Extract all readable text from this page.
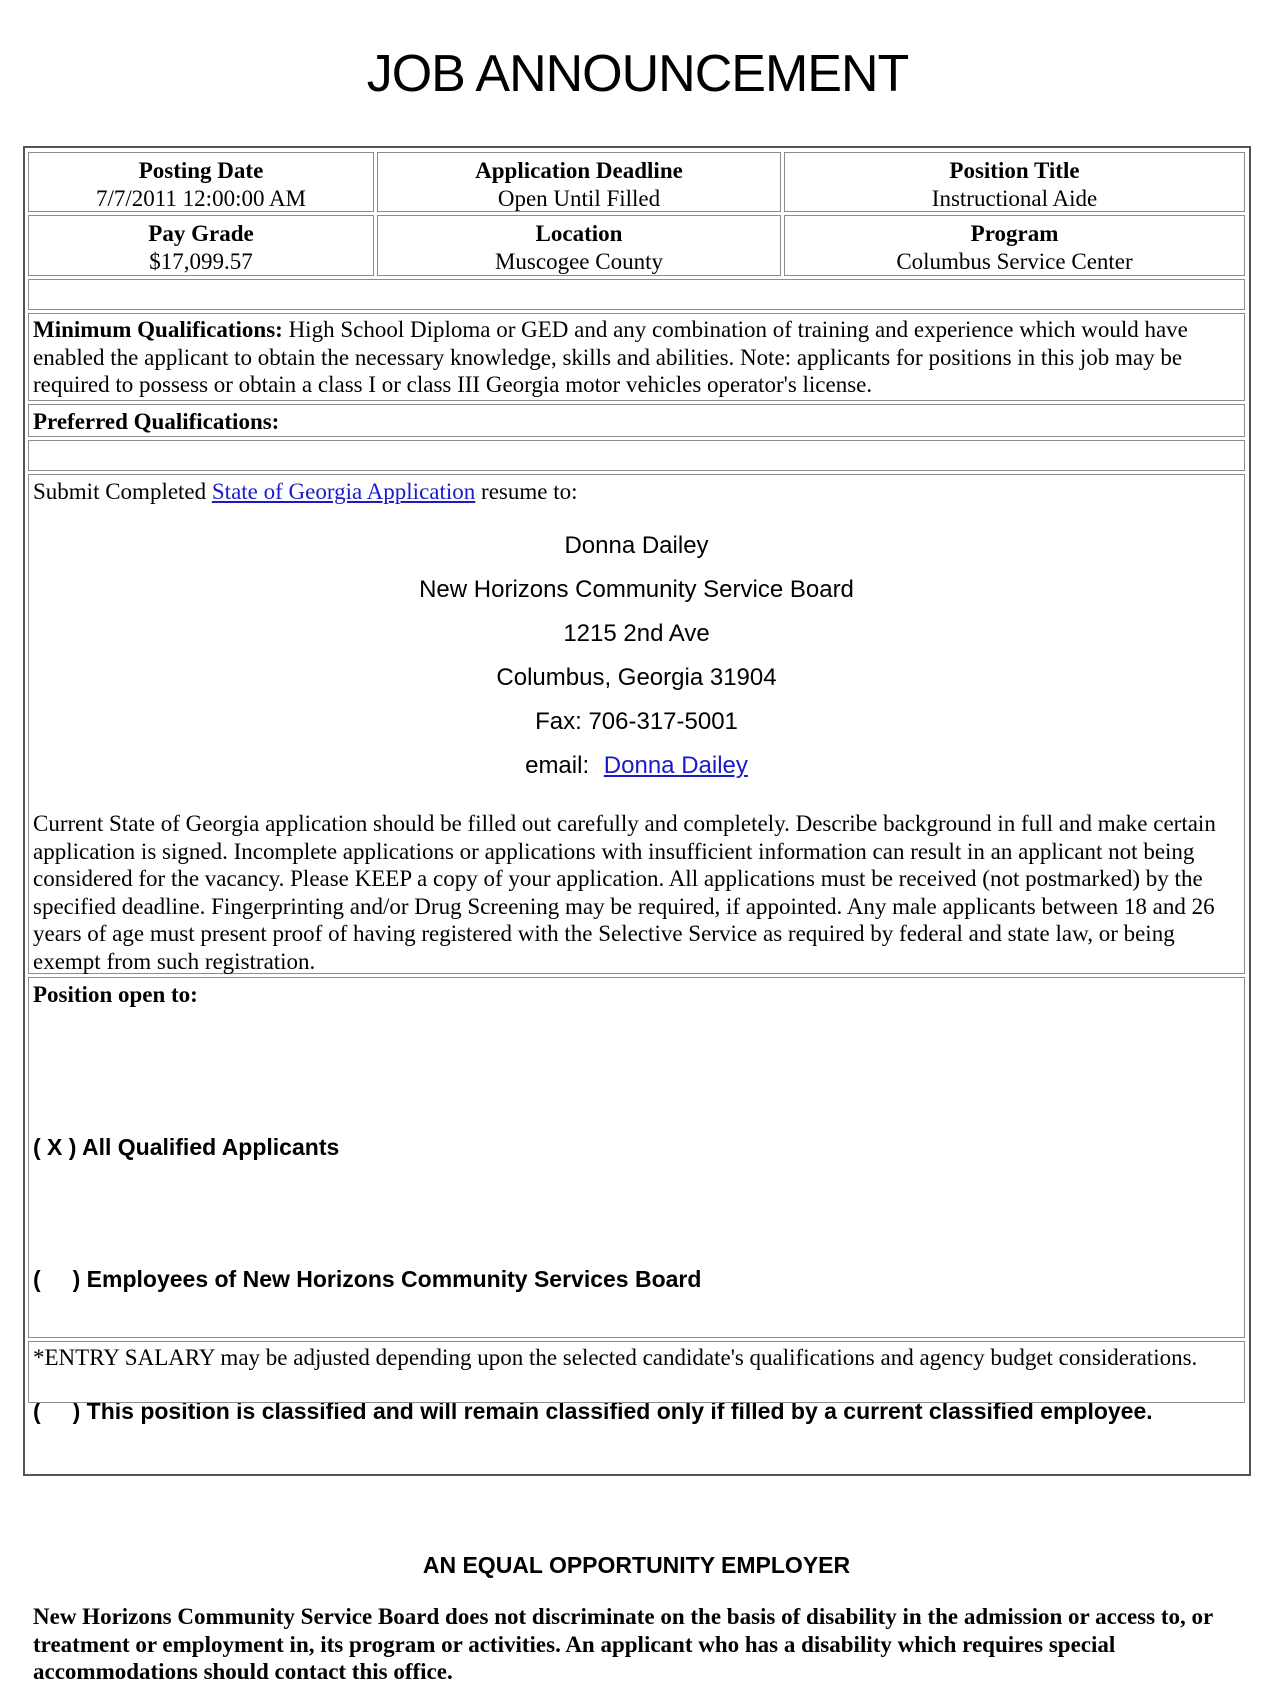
JOB ANNOUNCEMENT
Posting Date
7/7/2011 12:00:00 AM
Application Deadline
Open Until Filled
Position Title
Instructional Aide
Pay Grade
$17,099.57
Location
Muscogee County
Program
Columbus Service Center
Minimum Qualifications: High School Diploma or GED and any combination of training and experience which would have enabled the applicant to obtain the necessary knowledge, skills and abilities. Note: applicants for positions in this job may be required to possess or obtain a class I or class III Georgia motor vehicles operator's license.
Preferred Qualifications:
Submit Completed State of Georgia Application resume to:
Donna Dailey
New Horizons Community Service Board
1215 2nd Ave
Columbus, Georgia 31904
Fax: 706-317-5001
email: Donna Dailey
Current State of Georgia application should be filled out carefully and completely. Describe background in full and make certain application is signed. Incomplete applications or applications with insufficient information can result in an applicant not being considered for the vacancy. Please KEEP a copy of your application. All applications must be received (not postmarked) by the specified deadline. Fingerprinting and/or Drug Screening may be required, if appointed. Any male applicants between 18 and 26 years of age must present proof of having registered with the Selective Service as required by federal and state law, or being exempt from such registration.
Position open to:

( X ) All Qualified Applicants

(     ) Employees of New Horizons Community Services Board

(     ) This position is classified and will remain classified only if filled by a current classified employee.

AN EQUAL OPPORTUNITY EMPLOYER
New Horizons Community Service Board does not discriminate on the basis of disability in the admission or access to, or treatment or employment in, its program or activities. An applicant who has a disability which requires special accommodations should contact this office.
*ENTRY SALARY may be adjusted depending upon the selected candidate's qualifications and agency budget considerations.
